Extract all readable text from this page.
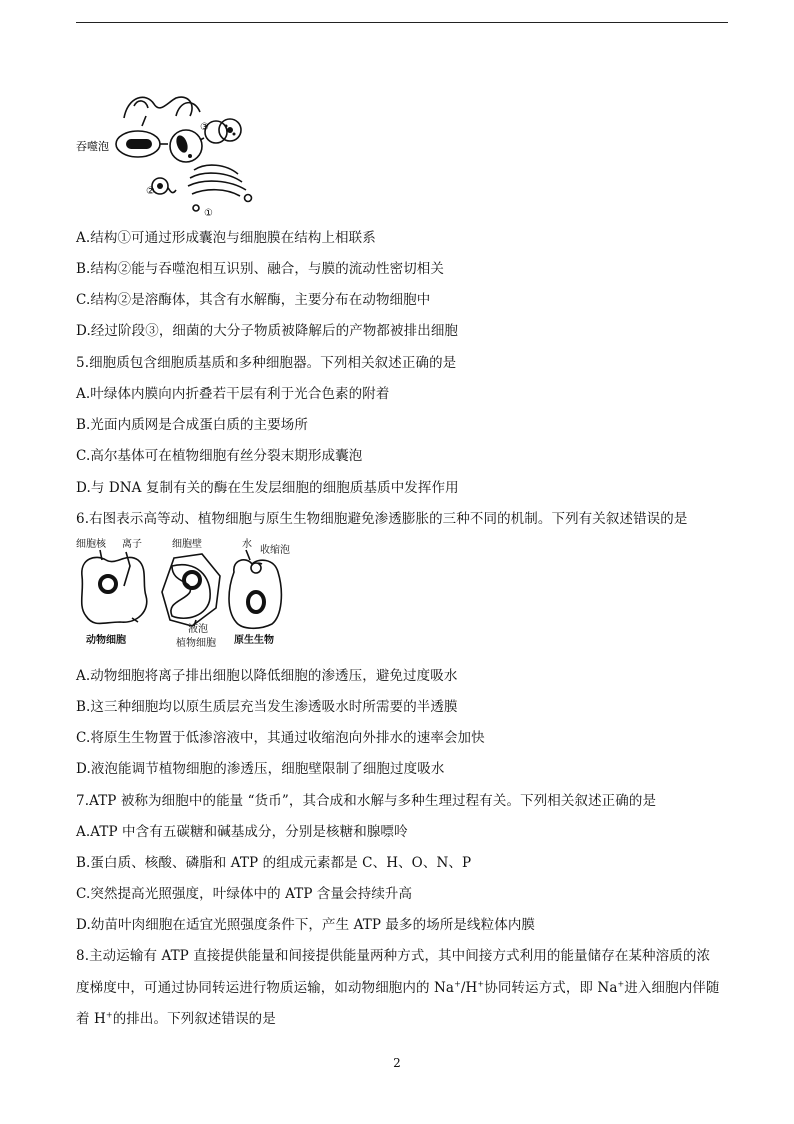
吞噬泡
③
②
①
A.结构①可通过形成囊泡与细胞膜在结构上相联系
B.结构②能与吞噬泡相互识别、融合，与膜的流动性密切相关
C.结构②是溶酶体，其含有水解酶，主要分布在动物细胞中
D.经过阶段③，细菌的大分子物质被降解后的产物都被排出细胞
5.细胞质包含细胞质基质和多种细胞器。下列相关叙述正确的是
A.叶绿体内膜向内折叠若干层有利于光合色素的附着
B.光面内质网是合成蛋白质的主要场所
C.高尔基体可在植物细胞有丝分裂末期形成囊泡
D.与 DNA 复制有关的酶在生发层细胞的细胞质基质中发挥作用
6.右图表示高等动、植物细胞与原生生物细胞避免渗透膨胀的三种不同的机制。下列有关叙述错误的是
细胞核 离子	细胞壁	水
收缩泡
动物细胞
液泡
植物细胞 原生生物
A.动物细胞将离子排出细胞以降低细胞的渗透压，避免过度吸水
B.这三种细胞均以原生质层充当发生渗透吸水时所需要的半透膜
C.将原生生物置于低渗溶液中，其通过收缩泡向外排水的速率会加快
D.液泡能调节植物细胞的渗透压，细胞壁限制了细胞过度吸水
7.ATP 被称为细胞中的能量 “货币”，其合成和水解与多种生理过程有关。下列相关叙述正确的是
A.ATP 中含有五碳糖和碱基成分，分别是核糖和腺嘌呤
B.蛋白质、核酸、磷脂和 ATP 的组成元素都是 C、H、O、N、P
C.突然提高光照强度，叶绿体中的 ATP 含量会持续升高
D.幼苗叶肉细胞在适宜光照强度条件下，产生 ATP 最多的场所是线粒体内膜
8.主动运输有 ATP 直接提供能量和间接提供能量两种方式，其中间接方式利用的能量储存在某种溶质的浓
度梯度中，可通过协同转运进行物质运输，如动物细胞内的 Na+/H+协同转运方式，即 Na+进入细胞内伴随
着 H+的排出。下列叙述错误的是
2
